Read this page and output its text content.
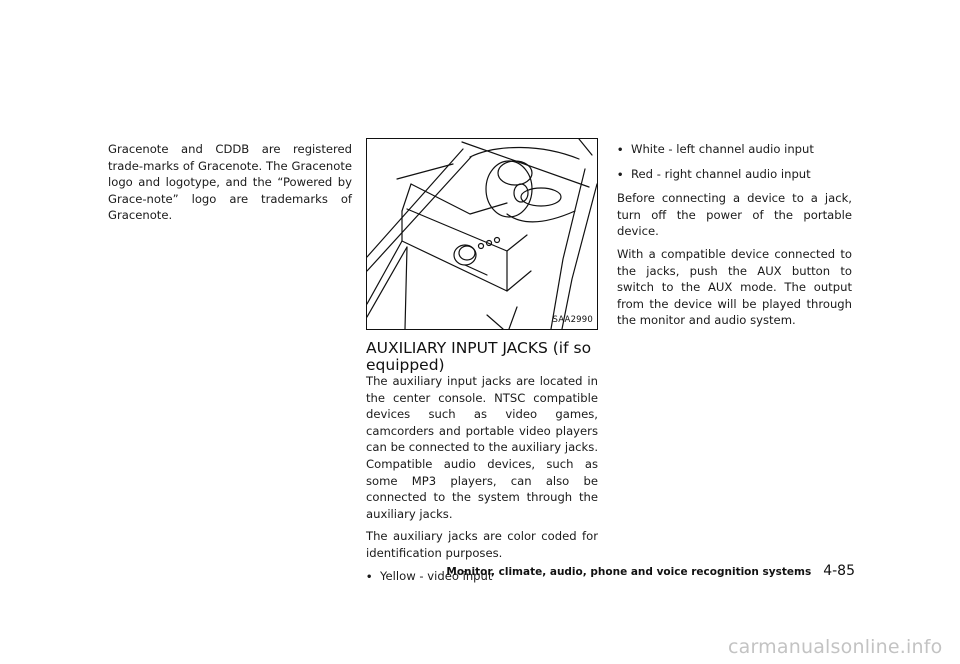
Gracenote and CDDB are registered trade-marks of Gracenote. The Gracenote logo and logotype, and the “Powered by Grace-note” logo are trademarks of Gracenote.

SAA2990
AUXILIARY INPUT JACKS (if so equipped)

The auxiliary input jacks are located in the center console. NTSC compatible devices such as video games, camcorders and portable video players can be connected to the auxiliary jacks. Compatible audio devices, such as some MP3 players, can also be connected to the system through the auxiliary jacks.

The auxiliary jacks are color coded for identification purposes.

• Yellow - video input
• White - left channel audio input
• Red - right channel audio input

Before connecting a device to a jack, turn off the power of the portable device.

With a compatible device connected to the jacks, push the AUX button to switch to the AUX mode. The output from the device will be played through the monitor and audio system.

Monitor, climate, audio, phone and voice recognition systems 4-85
carmanualsonline.info
